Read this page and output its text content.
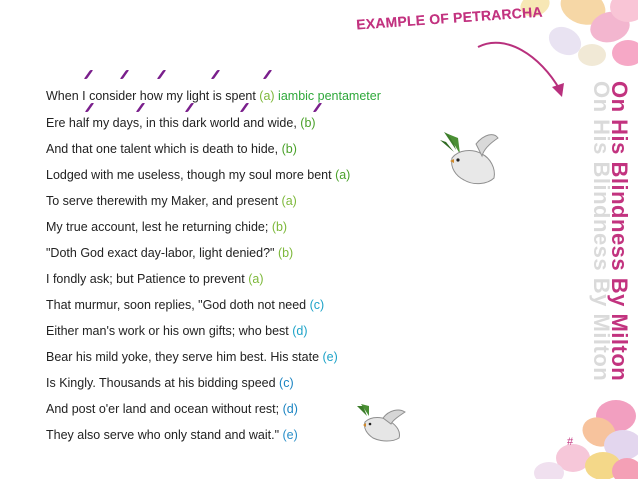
EXAMPLE OF PETRARCHA
On His Blindness By Milton
On His Blindness By Milton
When I consider how my light is spent (a) iambic pentameter
Ere half my days, in this dark world and wide, (b)
And that one talent which is death to hide, (b)
Lodged with me useless, though my soul more bent (a)
To serve therewith my Maker, and present (a)
My true account, lest he returning chide; (b)
"Doth God exact day-labor, light denied?" (b)
I fondly ask; but Patience to prevent (a)
That murmur, soon replies, "God doth not need (c)
Either man's work or his own gifts; who best (d)
Bear his mild yoke, they serve him best. His state (e)
Is Kingly. Thousands at his bidding speed (c)
And post o'er land and ocean without rest; (d)
They also serve who only stand and wait." (e)	#
